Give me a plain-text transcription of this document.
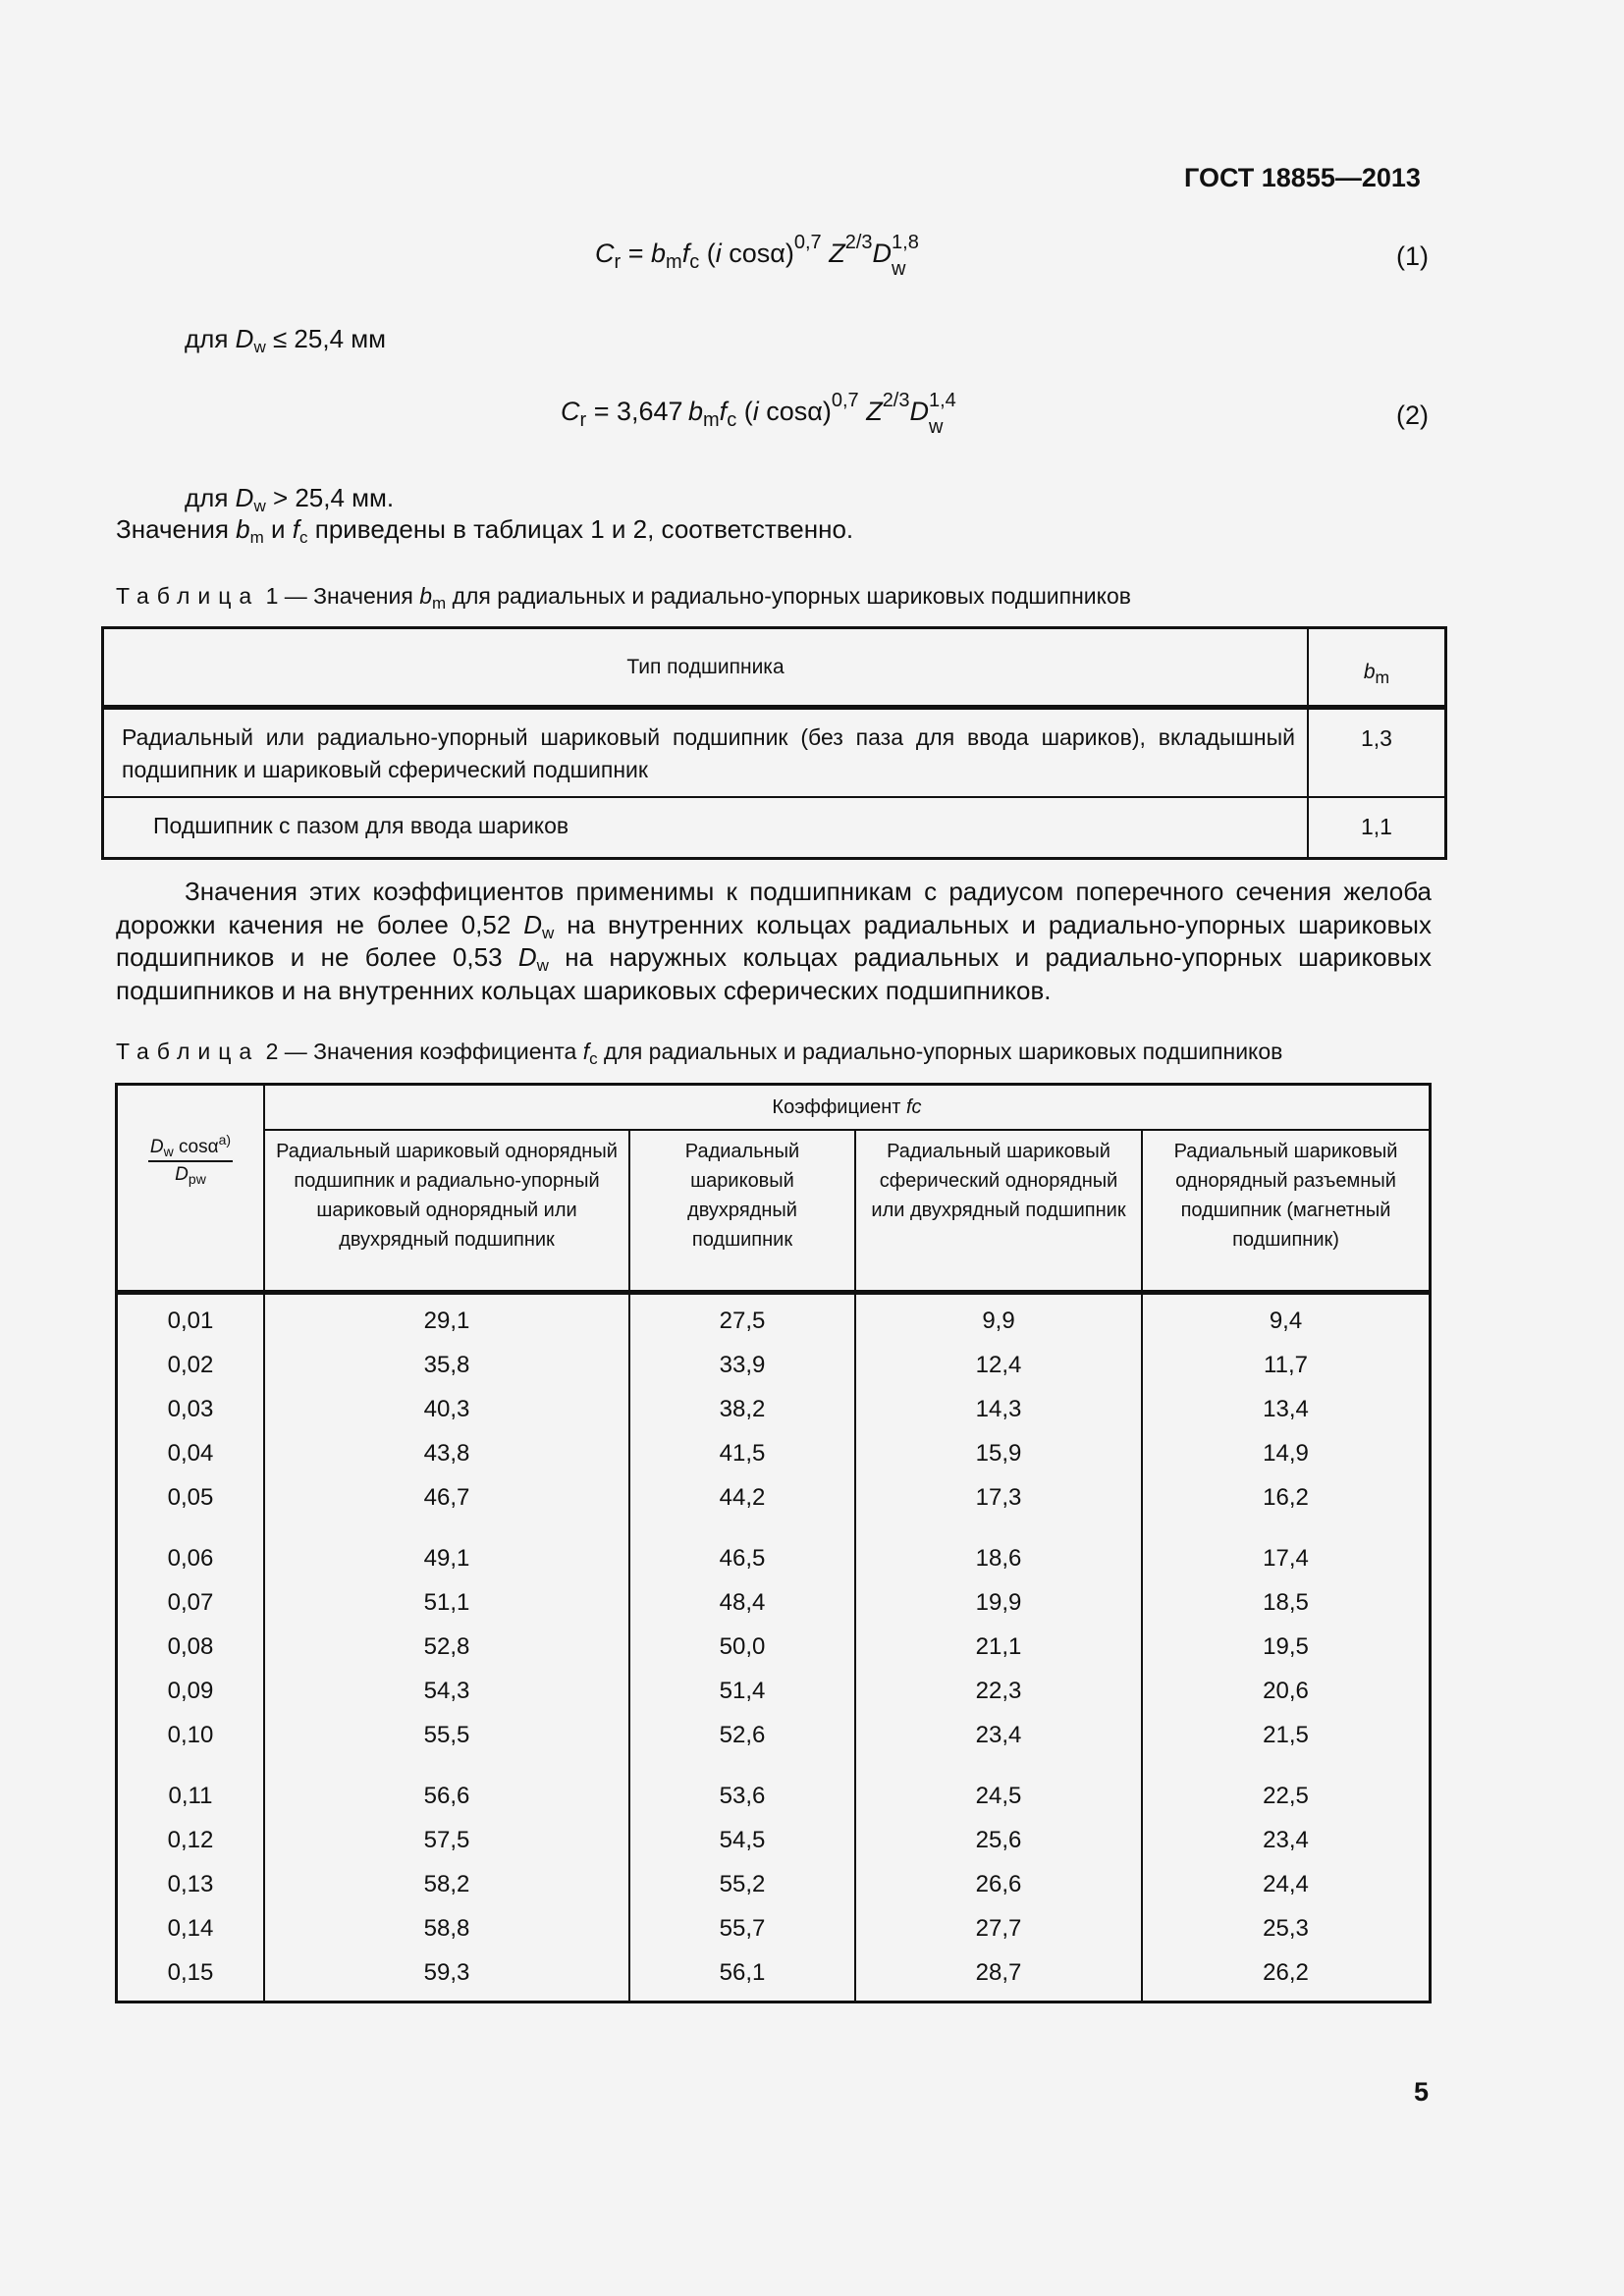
ГОСТ 18855—2013
$C_r = b_mf_c$ (i cosα)$^{0,7}$ $Z^{2/3}D$ 1,8
w	(1)
для $D_w \le 25,4$ мм
$C_r = 3,647$  $b_mf_c$ (i cosα)$^{0,7}$ $Z^{2/3}D$ 1,4
w	(2)
для $D_w > 25,4$ мм.
Значения $b_m$ и $f_c$ приведены в таблицах 1 и 2, соответственно.
Таблица 1 — Значения $b_m$ для радиальных и радиально-упорных шариковых подшипников
Тип подшипника	$b_m$
Радиальный или радиально-упорный шариковый подшипник (без паза для ввода шариков), вкладышный подшипник и шариковый сферический подшипник	1,3
Подшипник с пазом для ввода шариков	1,1
Значения этих коэффициентов применимы к подшипникам с радиусом поперечного сечения желоба дорожки качения не более 0,52 $D_w$ на внутренних кольцах радиальных и радиально-упорных шариковых подшипников и не более 0,53 $D_w$ на наружных кольцах радиальных и радиально-упорных шариковых подшипников и на внутренних кольцах шариковых сферических подшипников.
Таблица 2 — Значения коэффициента $f_c$ для радиальных и радиально-упорных шариковых подшипников
$\frac{D_w \cos\alpha^{а)}}{D_{pw}}$	Коэффициент fc			
	Радиальный шариковый однорядный подшипник и радиально-упорный шариковый однорядный или двухрядный подшипник	Радиальный шариковый двухрядный подшипник	Радиальный шариковый сферический однорядный или двухрядный подшипник	Радиальный шариковый однорядный разъемный подшипник (магнетный подшипник)
0,01	29,1	27,5	9,9	9,4
0,02	35,8	33,9	12,4	11,7
0,03	40,3	38,2	14,3	13,4
0,04	43,8	41,5	15,9	14,9
0,05	46,7	44,2	17,3	16,2
0,06	49,1	46,5	18,6	17,4
0,07	51,1	48,4	19,9	18,5
0,08	52,8	50,0	21,1	19,5
0,09	54,3	51,4	22,3	20,6
0,10	55,5	52,6	23,4	21,5
0,11	56,6	53,6	24,5	22,5
0,12	57,5	54,5	25,6	23,4
0,13	58,2	55,2	26,6	24,4
0,14	58,8	55,7	27,7	25,3
0,15	59,3	56,1	28,7	26,2
5
